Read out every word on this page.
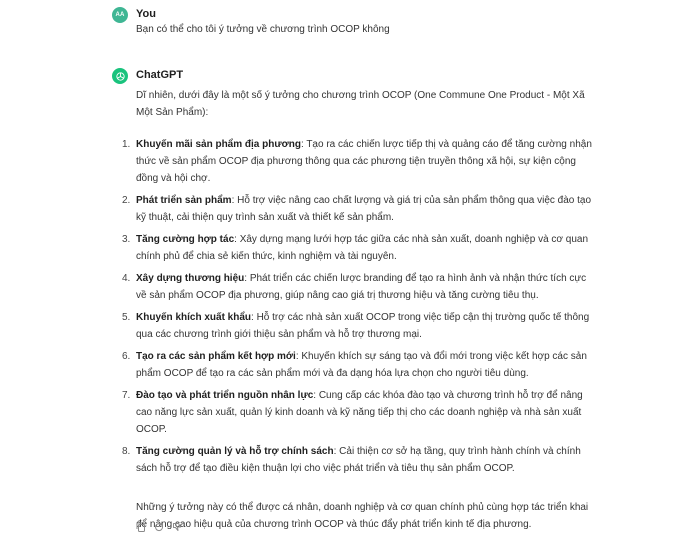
AA You
Bạn có thể cho tôi ý tưởng về chương trình OCOP không
ChatGPT

Dĩ nhiên, dưới đây là một số ý tưởng cho chương trình OCOP (One Commune One Product - Một Xã Một Sản Phẩm):

1. Khuyến mãi sản phẩm địa phương: Tạo ra các chiến lược tiếp thị và quảng cáo để tăng cường nhận thức về sản phẩm OCOP địa phương thông qua các phương tiện truyền thông xã hội, sự kiện cộng đồng và hội chợ.
2. Phát triển sản phẩm: Hỗ trợ việc nâng cao chất lượng và giá trị của sản phẩm thông qua việc đào tạo kỹ thuật, cải thiện quy trình sản xuất và thiết kế sản phẩm.
3. Tăng cường hợp tác: Xây dựng mạng lưới hợp tác giữa các nhà sản xuất, doanh nghiệp và cơ quan chính phủ để chia sẻ kiến thức, kinh nghiệm và tài nguyên.
4. Xây dựng thương hiệu: Phát triển các chiến lược branding để tạo ra hình ảnh và nhận thức tích cực về sản phẩm OCOP địa phương, giúp nâng cao giá trị thương hiệu và tăng cường tiêu thụ.
5. Khuyến khích xuất khẩu: Hỗ trợ các nhà sản xuất OCOP trong việc tiếp cận thị trường quốc tế thông qua các chương trình giới thiệu sản phẩm và hỗ trợ thương mại.
6. Tạo ra các sản phẩm kết hợp mới: Khuyến khích sự sáng tạo và đổi mới trong việc kết hợp các sản phẩm OCOP để tạo ra các sản phẩm mới và đa dạng hóa lựa chọn cho người tiêu dùng.
7. Đào tạo và phát triển nguồn nhân lực: Cung cấp các khóa đào tạo và chương trình hỗ trợ để nâng cao năng lực sản xuất, quản lý kinh doanh và kỹ năng tiếp thị cho các doanh nghiệp và nhà sản xuất OCOP.
8. Tăng cường quản lý và hỗ trợ chính sách: Cải thiện cơ sở hạ tầng, quy trình hành chính và chính sách hỗ trợ để tạo điều kiện thuận lợi cho việc phát triển và tiêu thụ sản phẩm OCOP.

Những ý tưởng này có thể được cá nhân, doanh nghiệp và cơ quan chính phủ cùng hợp tác triển khai để nâng cao hiệu quả của chương trình OCOP và thúc đẩy phát triển kinh tế địa phương.
